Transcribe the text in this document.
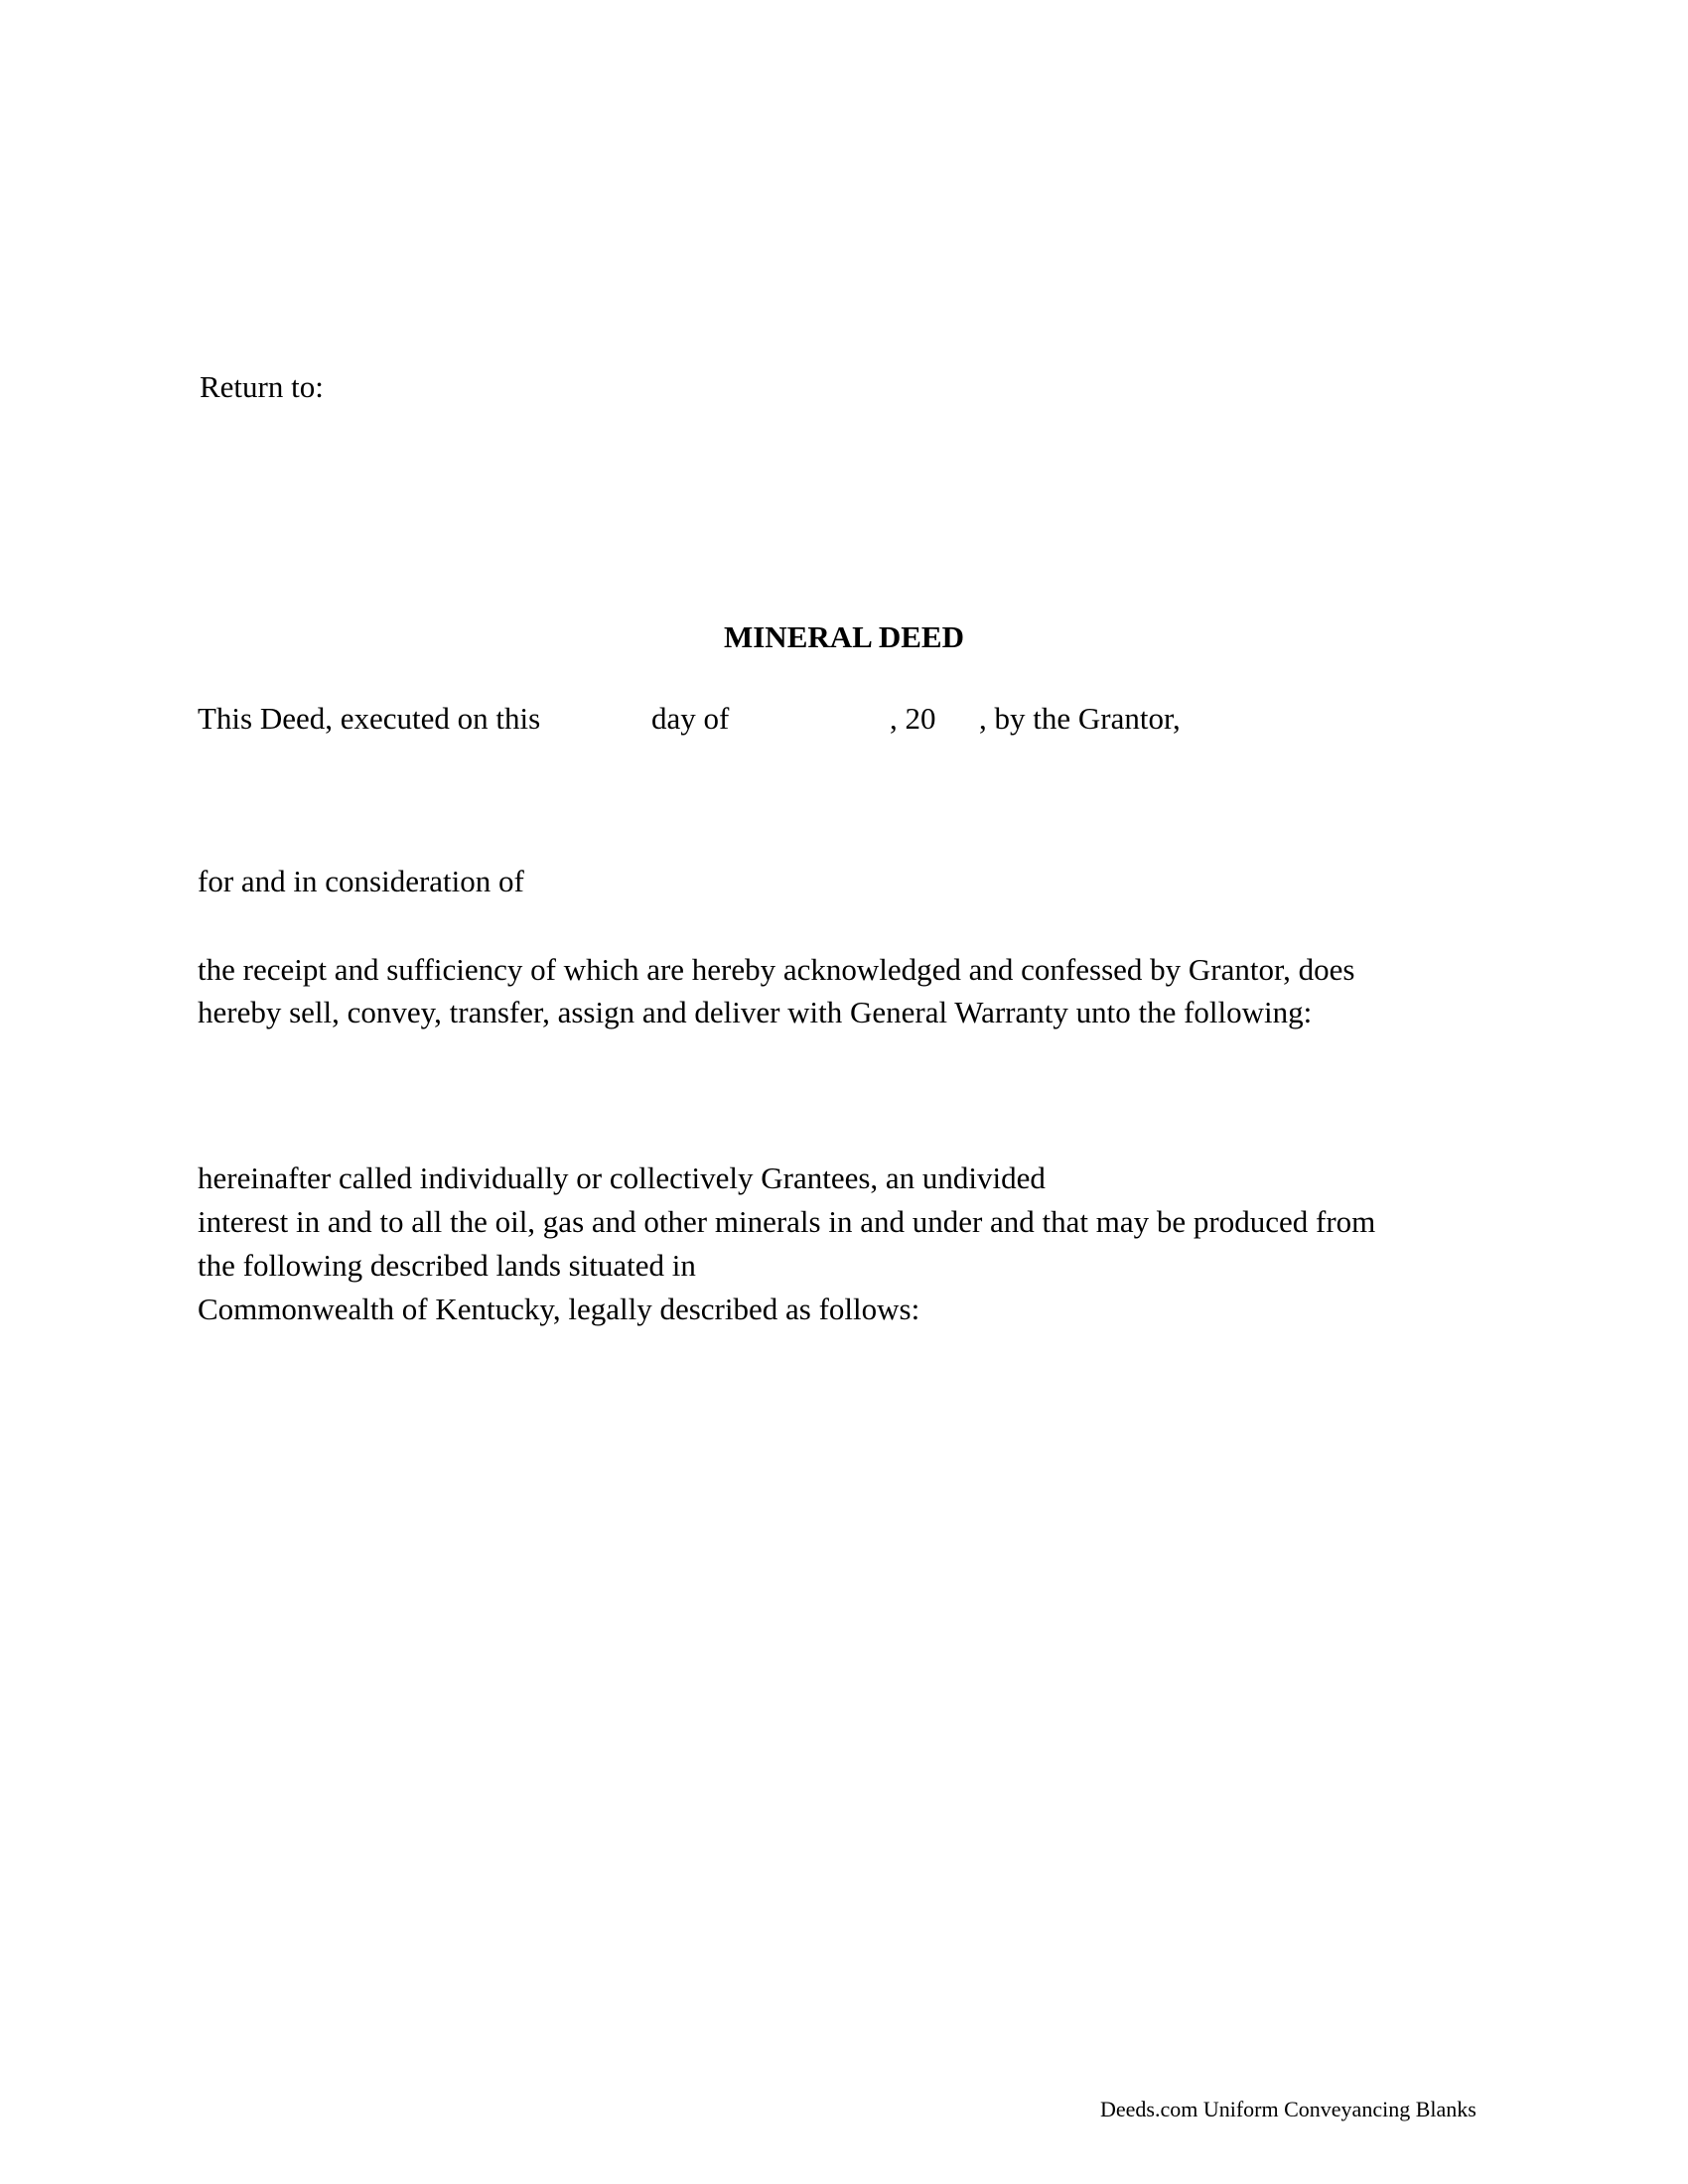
Return to:

MINERAL DEED

This Deed, executed on this

	day of

	, 20

, by the Grantor,

for and in consideration of

the receipt and sufficiency of which are hereby acknowledged and confessed by Grantor, does

hereby sell, convey, transfer, assign and deliver with General Warranty unto the following:

hereinafter called individually or collectively Grantees, an undivided

interest in and to all the oil, gas and other minerals in and under and that may be produced from

the following described lands situated in

Commonwealth of Kentucky, legally described as follows:

Deeds.com Uniform Conveyancing Blanks
